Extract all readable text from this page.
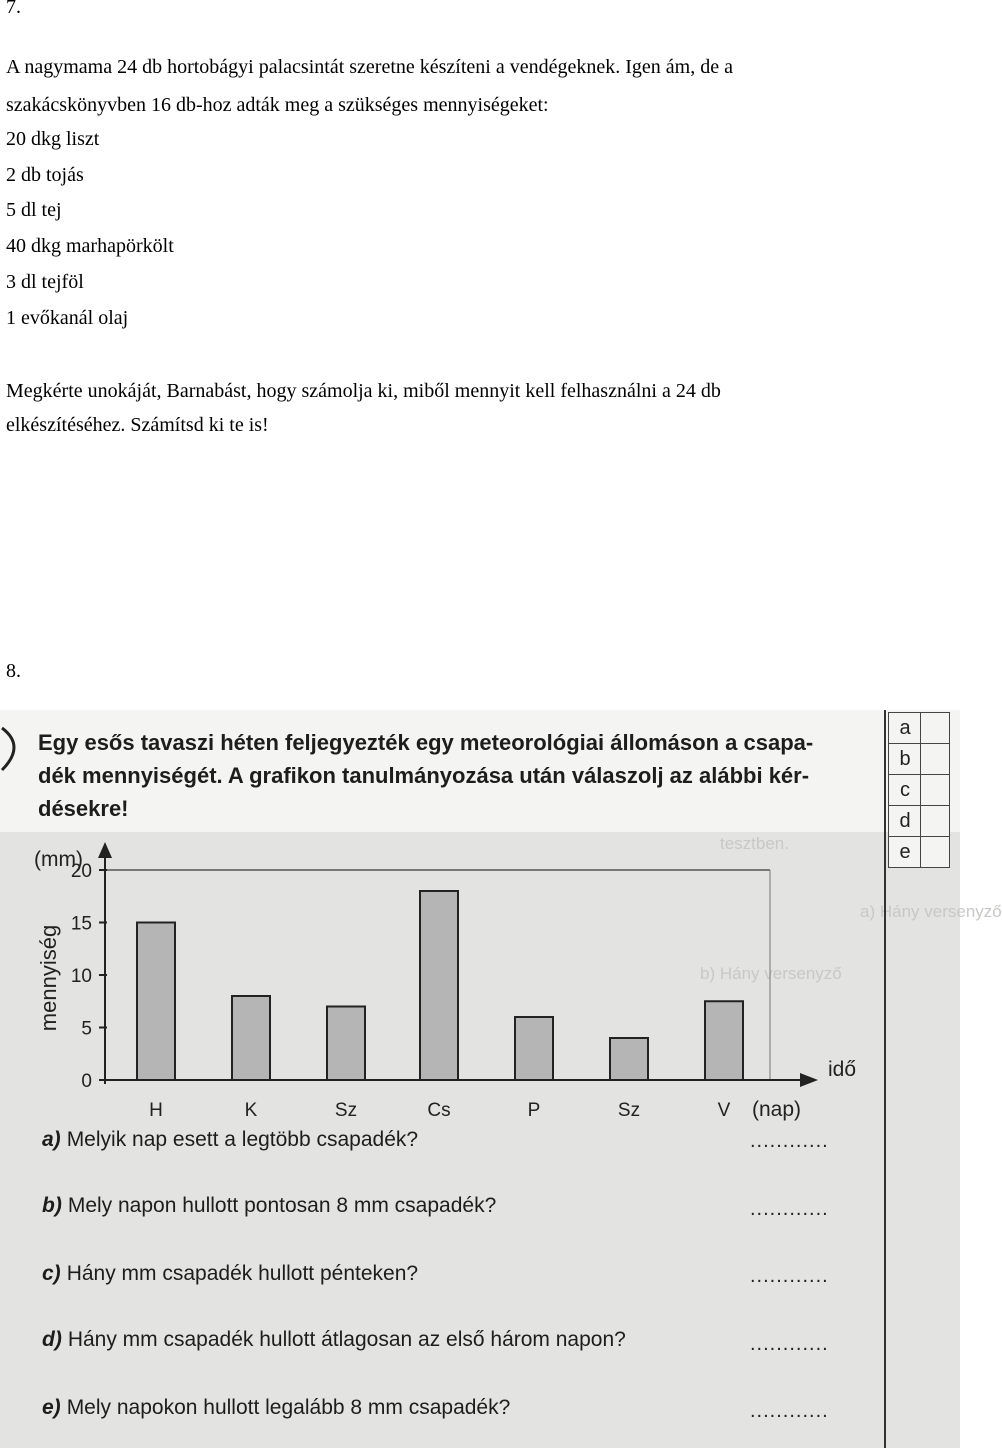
7.
A nagymama 24 db hortobágyi palacsintát szeretne készíteni a vendégeknek. Igen ám, de a
szakácskönyvben 16 db-hoz adták meg a szükséges mennyiségeket:
20 dkg liszt
2 db tojás
5 dl tej
40 dkg marhapörkölt
3 dl tejföl
1 evőkanál olaj
Megkérte unokáját, Barnabást, hogy számolja ki, miből mennyit kell felhasználni a 24 db
elkészítéséhez. Számítsd ki te is!
8.
tesztben.
a) Hány versenyző
b) Hány versenyző
Egy esős tavaszi héten feljegyezték egy meteorológiai állomáson a csapa-
dék mennyiségét. A grafikon tanulmányozása után válaszolj az alábbi kér-
désekre!
a
b
c
d
e
0
5
10
15
20
H	K	Sz	Cs	P	Sz	V
(mm)
mennyiség
idő
(nap)
a) Melyik nap esett a legtöbb csapadék?	............
b) Mely napon hullott pontosan 8 mm csapadék?	............
c) Hány mm csapadék hullott pénteken?	............
d) Hány mm csapadék hullott átlagosan az első három napon?	............
e) Mely napokon hullott legalább 8 mm csapadék?	............
